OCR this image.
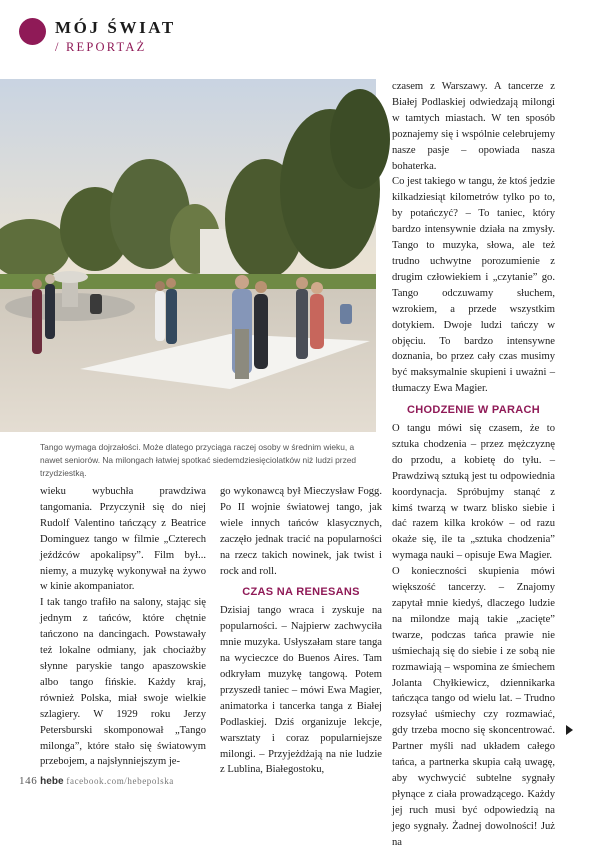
MÓJ ŚWIAT
/ REPORTAŻ
Tango wymaga dojrzałości. Może dlatego przyciąga raczej osoby w średnim wieku, a nawet seniorów. Na milongach łatwiej spotkać siedemdziesięciolatków niż ludzi przed trzydziestką.

wieku wybuchła prawdziwa tangomania. Przyczynił się do niej Rudolf Valentino tańczący z Beatrice Dominguez tango w filmie „Czterech jeźdźców apokalipsy”. Film był... niemy, a muzykę wykonywał na żywo w kinie akompaniator.

I tak tango trafiło na salony, stając się jednym z tańców, które chętnie tańczono na dancingach. Powstawały też lokalne odmiany, jak chociażby słynne paryskie tango apaszowskie albo tango fińskie. Każdy kraj, również Polska, miał swoje wielkie szlagiery. W 1929 roku Jerzy Petersburski skomponował „Tango milonga”, które stało się światowym przebojem, a najsłynniejszym je-

go wykonawcą był Mieczysław Fogg. Po II wojnie światowej tango, jak wiele innych tańców klasycznych, zaczęło jednak tracić na popularności na rzecz takich nowinek, jak twist i rock and roll.

CZAS NA RENESANS

Dzisiaj tango wraca i zyskuje na popularności. – Najpierw zachwyciła mnie muzyka. Usłyszałam stare tanga na wycieczce do Buenos Aires. Tam odkryłam muzykę tangową. Potem przyszedł taniec – mówi Ewa Magier, animatorka i tancerka tanga z Białej Podlaskiej. Dziś organizuje lekcje, warsztaty i coraz popularniejsze milongi. – Przyjeżdżają na nie ludzie z Lublina, Białegostoku,

czasem z Warszawy. A tancerze z Białej Podlaskiej odwiedzają milongi w tamtych miastach. W ten sposób poznajemy się i wspólnie celebrujemy nasze pasje – opowiada nasza bohaterka.

Co jest takiego w tangu, że ktoś jedzie kilkadziesiąt kilometrów tylko po to, by potańczyć? – To taniec, który bardzo intensywnie działa na zmysły. Tango to muzyka, słowa, ale też trudno uchwytne porozumienie z drugim człowiekiem i „czytanie” go. Tango odczuwamy słuchem, wzrokiem, a przede wszystkim dotykiem. Dwoje ludzi tańczy w objęciu. To bardzo intensywne doznania, bo przez cały czas musimy być maksymalnie skupieni i uważni – tłumaczy Ewa Magier.

CHODZENIE W PARACH

O tangu mówi się czasem, że to sztuka chodzenia – przez mężczyznę do przodu, a kobietę do tyłu. – Prawdziwą sztuką jest tu odpowiednia koordynacja. Spróbujmy stanąć z kimś twarzą w twarz blisko siebie i dać razem kilka kroków – od razu okaże się, ile ta „sztuka chodzenia” wymaga nauki – opisuje Ewa Magier.

O konieczności skupienia mówi większość tancerzy. – Znajomy zapytał mnie kiedyś, dlaczego ludzie na milondze mają takie „zacięte” twarze, podczas tańca prawie nie uśmiechają się do siebie i ze sobą nie rozmawiają – wspomina ze śmiechem Jolanta Chyłkiewicz, dziennikarka tańcząca tango od wielu lat. – Trudno rozsyłać uśmiechy czy rozmawiać, gdy trzeba mocno się skoncentrować. Partner myśli nad układem całego tańca, a partnerka skupia całą uwagę, aby wychwycić subtelne sygnały płynące z ciała prowadzącego. Każdy jej ruch musi być odpowiedzią na jego sygnały. Żadnej dowolności! Już na

146 hebe facebook.com/hebepolska
